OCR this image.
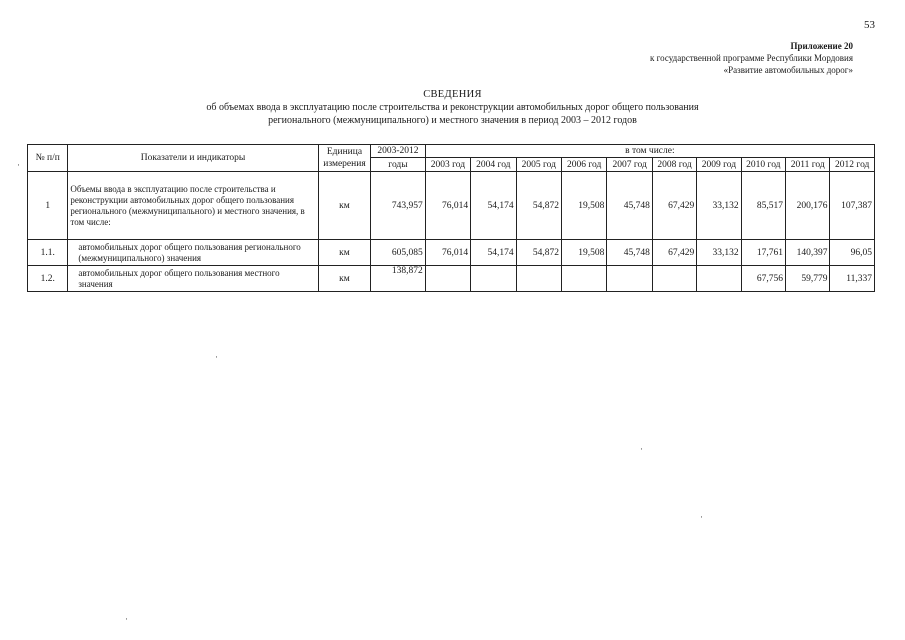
53
Приложение 20
к государственной программе Республики Мордовия
«Развитие автомобильных дорог»
СВЕДЕНИЯ
об объемах ввода в эксплуатацию после строительства и реконструкции автомобильных дорог общего пользования
регионального (межмуниципального) и местного значения в период 2003 – 2012 годов
·
№ п/п	Показатели и индикаторы	Единица измерения	2003-2012	в том числе:									
			годы	2003 год	2004 год	2005 год	2006 год	2007 год	2008 год	2009 год	2010 год	2011 год	2012 год
1	Объемы ввода в эксплуатацию после строительства и реконструкции автомобильных дорог общего пользования регионального (межмуниципального) и местного значения, в том числе:	км	743,957	76,014	54,174	54,872	19,508	45,748	67,429	33,132	85,517	200,176	107,387
1.1.	автомобильных дорог общего пользования регионального (межмуниципального) значения	км	605,085	76,014	54,174	54,872	19,508	45,748	67,429	33,132	17,761	140,397	96,05
1.2.	автомобильных дорог общего пользования местного значения	км	138,872								67,756	59,779	11,337
·
·
·
·
